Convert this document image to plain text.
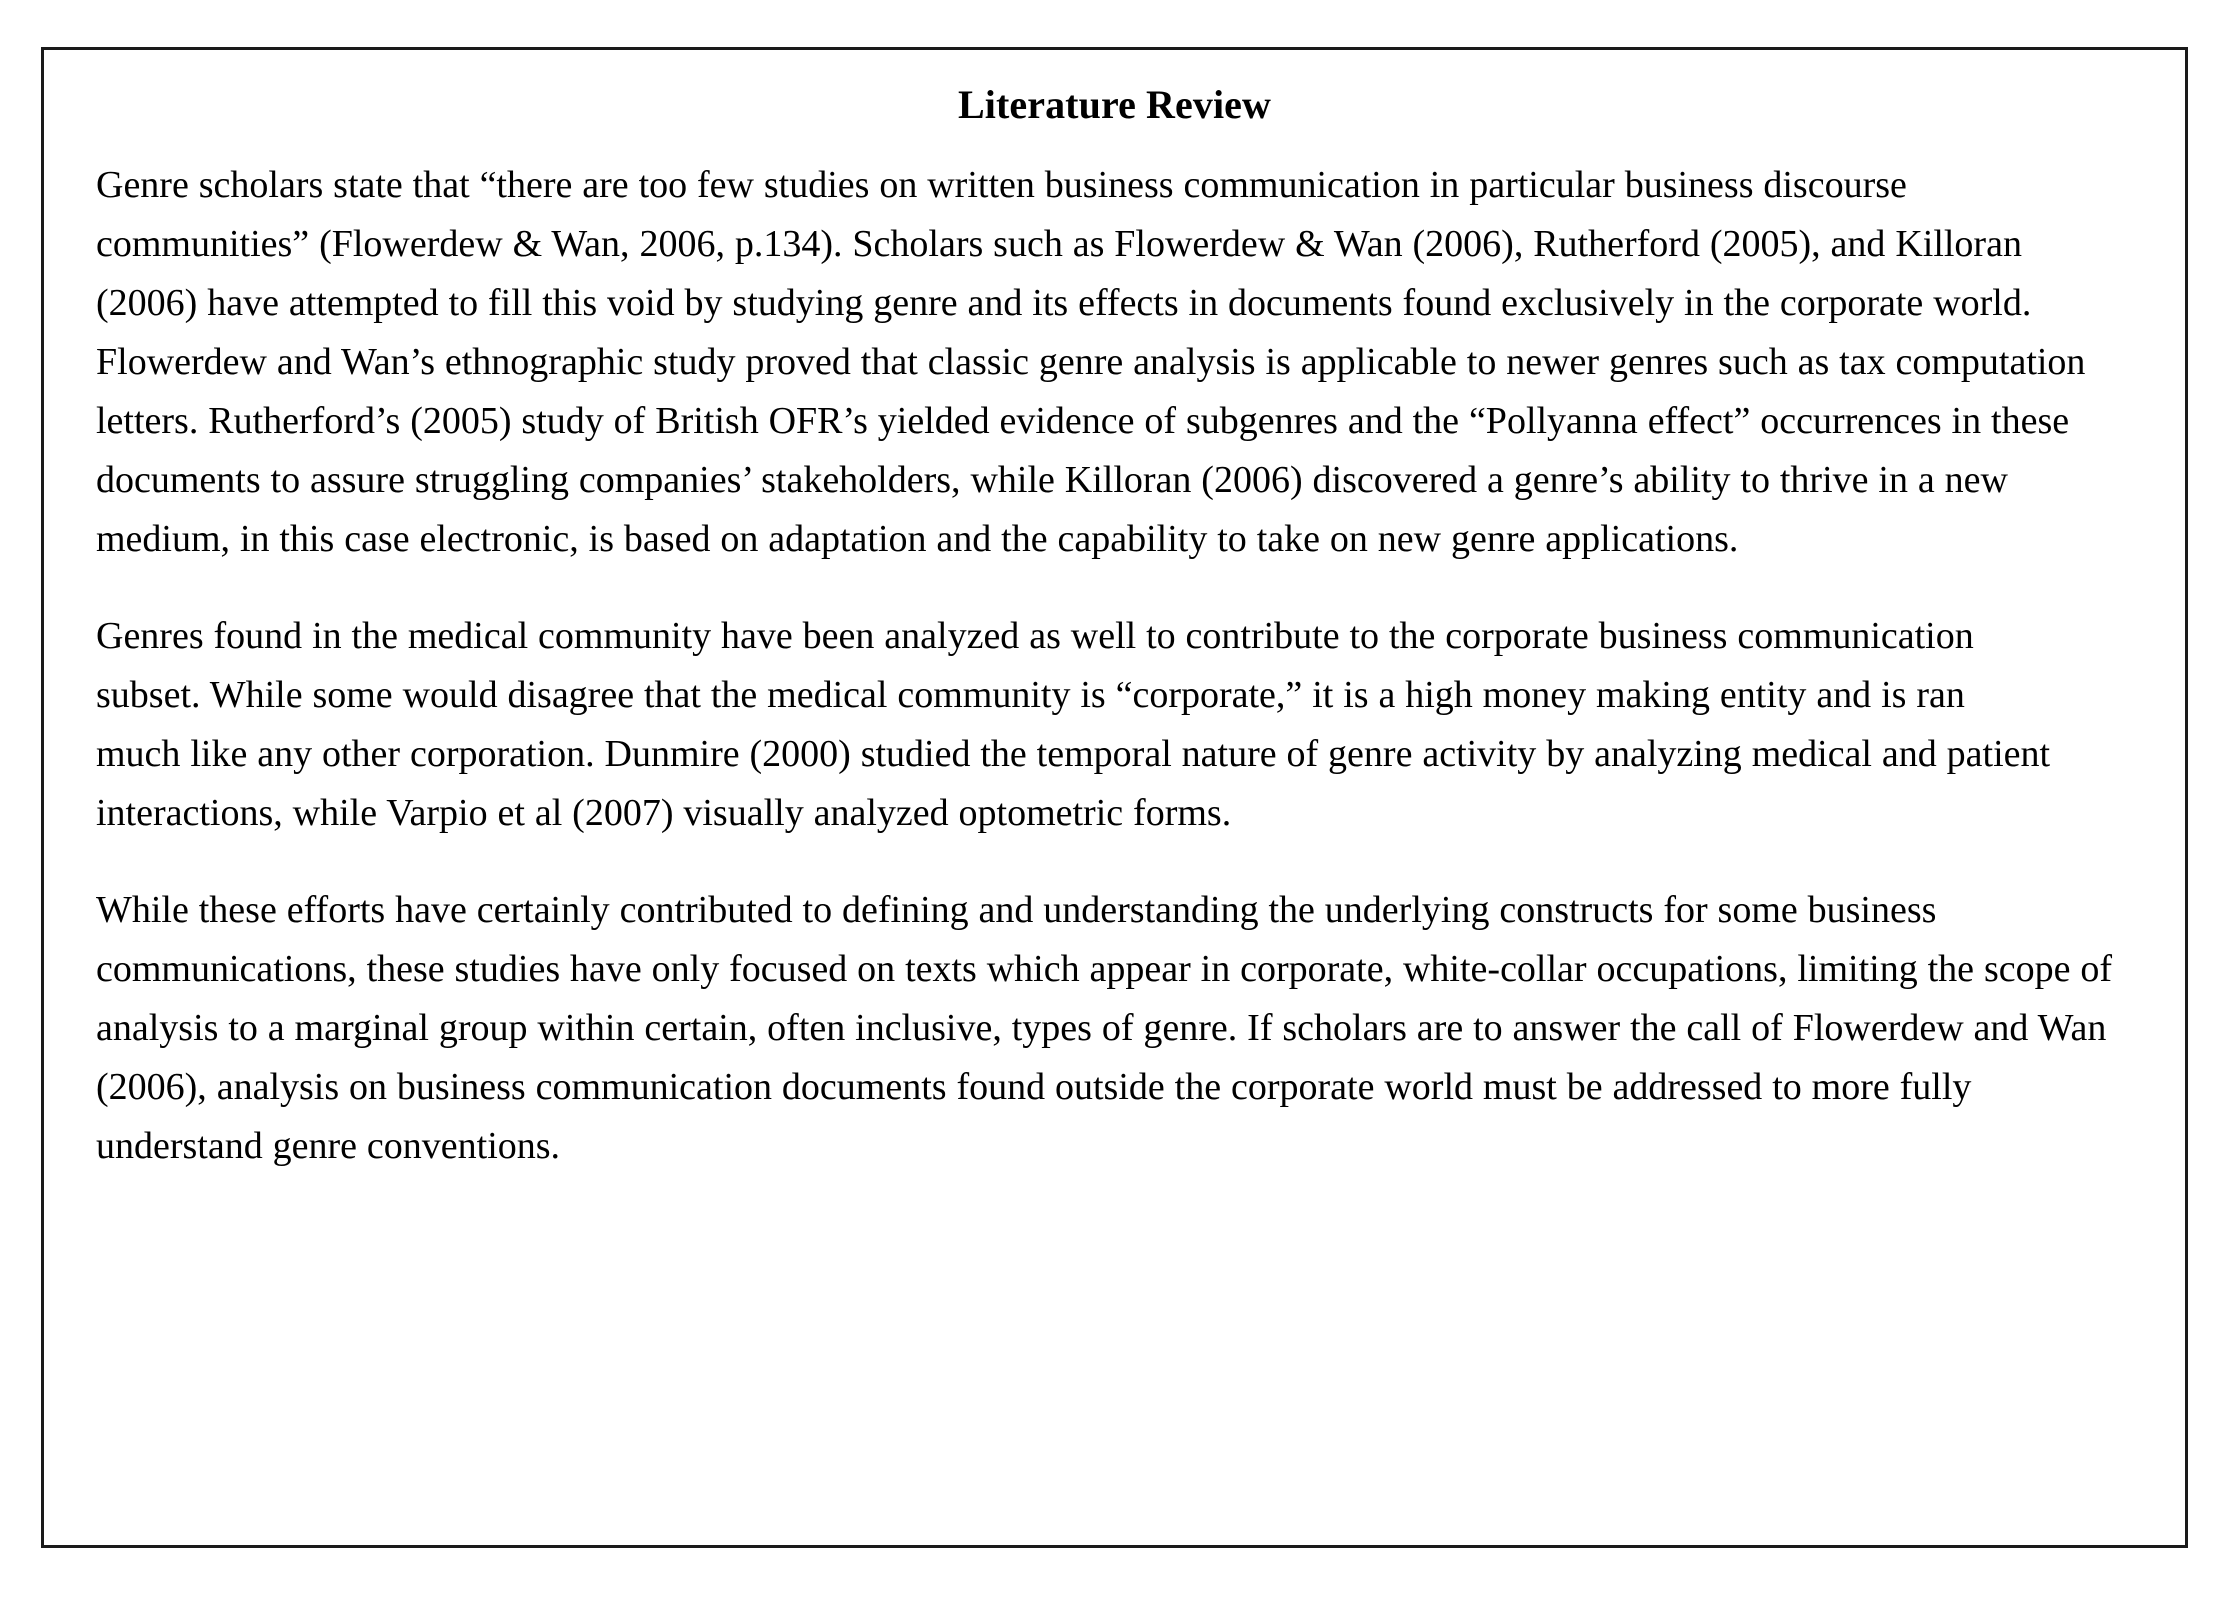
Literature Review

Genre scholars state that “there are too few studies on written business communication in particular business discourse communities” (Flowerdew & Wan, 2006, p.134). Scholars such as Flowerdew & Wan (2006), Rutherford (2005), and Killoran (2006) have attempted to fill this void by studying genre and its effects in documents found exclusively in the corporate world. Flowerdew and Wan’s ethnographic study proved that classic genre analysis is applicable to newer genres such as tax computation letters. Rutherford’s (2005) study of British OFR’s yielded evidence of subgenres and the “Pollyanna effect” occurrences in these documents to assure struggling companies’ stakeholders, while Killoran (2006) discovered a genre’s ability to thrive in a new medium, in this case electronic, is based on adaptation and the capability to take on new genre applications.

Genres found in the medical community have been analyzed as well to contribute to the corporate business communication subset. While some would disagree that the medical community is “corporate,” it is a high money making entity and is ran much like any other corporation. Dunmire (2000) studied the temporal nature of genre activity by analyzing medical and patient interactions, while Varpio et al (2007) visually analyzed optometric forms.

While these efforts have certainly contributed to defining and understanding the underlying constructs for some business communications, these studies have only focused on texts which appear in corporate, white-collar occupations, limiting the scope of analysis to a marginal group within certain, often inclusive, types of genre. If scholars are to answer the call of Flowerdew and Wan (2006), analysis on business communication documents found outside the corporate world must be addressed to more fully understand genre conventions.
